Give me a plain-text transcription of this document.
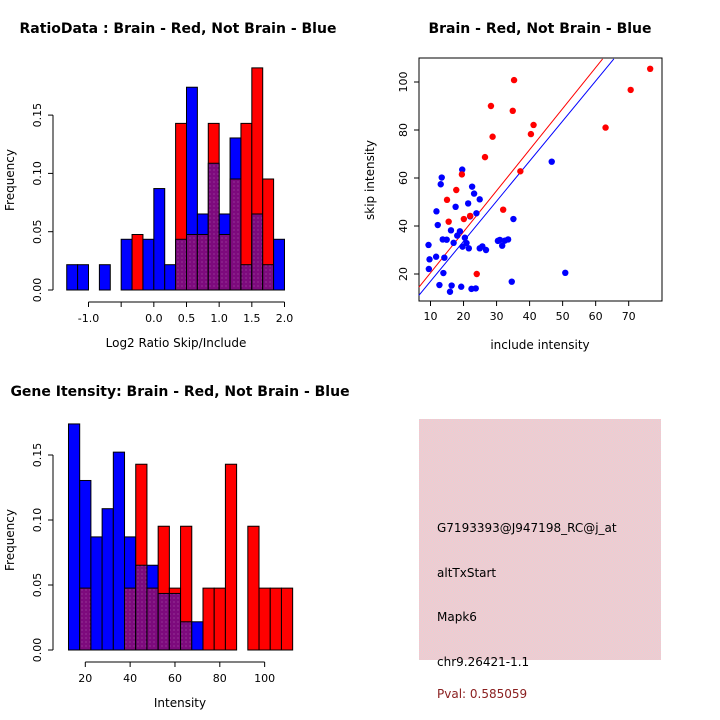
RatioData : Brain - Red, Not Brain - Blue
Frequency
Log2 Ratio Skip/Include
0.00
0.05
0.10
0.15
-1.0	0.0 0.5 1.0 1.5 2.0
Brain - Red, Not Brain - Blue
skip intensity
include intensity
10 20 30 40 50 60 70
20
40
60
80
100
Gene Itensity: Brain - Red, Not Brain - Blue
Frequency
Intensity
0.00
0.05
0.10
0.15
20	40	60	80 100
G7193393@J947198_RC@j_at
altTxStart
Mapk6
chr9.26421-1.1
Pval: 0.585059
